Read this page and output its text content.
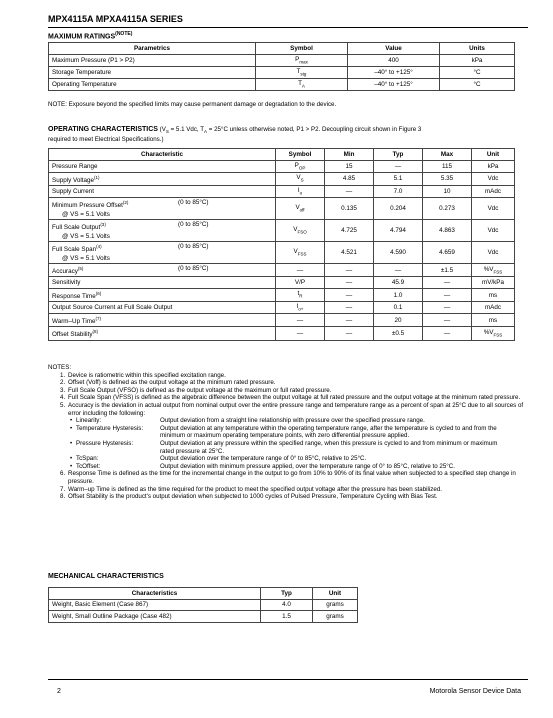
MPX4115A MPXA4115A SERIES
MAXIMUM $RATINGS^{(NOTE)}$
Parametrics	Symbol	Value	Units
Maximum Pressure (P1 > P2)	$P_{max}$	400	kPa
Storage Temperature	$T_{stg}$	–40° to +125°	°C
Operating Temperature	$T_A$	–40° to +125°	°C
NOTE: Exposure beyond the specified limits may cause permanent damage or degradation to the device.
OPERATING CHARACTERISTICS ($V_S = 5.1$ Vdc, $T_A = 25^\circ C$ unless otherwise noted, P1 > P2. Decoupling circuit shown in Figure 3
required to meet Electrical Specifications.)
Characteristic	Symbol	Min	Typ	Max	Unit

Pressure Range	$P_{OP}$	15	—	115	kPa

Supply Voltage$^{(1)}$	$V_S$	4.85	5.1	5.35	Vdc

Supply Current	$I_o$	—	7.0	10	mAdc

Minimum Pressure Offset$^{(2)}$ (0 to 85°C)
@ VS = 5.1 Volts	$V_{off}$	0.135	0.204	0.273	Vdc

Full Scale Output$^{(3)}$ (0 to 85°C)
@ VS = 5.1 Volts	$V_{FSO}$	4.725	4.794	4.863	Vdc

Full Scale Span$^{(4)}$ (0 to 85°C)
@ VS = 5.1 Volts	$V_{FSS}$	4.521	4.590	4.659	Vdc

Accuracy$^{(5)}$ (0 to 85°C)	—	—	—	±1.5	$\%V_{FSS}$

Sensitivity	V/P	—	45.9	—	mV/kPa

Response Time$^{(6)}$	$t_R$	—	1.0	—	ms

Output Source Current at Full Scale Output	$I_{o+}$	—	0.1	—	mAdc

Warm–Up Time$^{(7)}$	—	—	20	—	ms

Offset Stability$^{(8)}$	—	—	±0.5	—	$\%V_{FSS}$
NOTES:
1. Device is ratiometric within this specified excitation range.
2. Offset (Voff) is defined as the output voltage at the minimum rated pressure.
3. Full Scale Output (VFSO) is defined as the output voltage at the maximum or full rated pressure.
4. Full Scale Span (VFSS) is defined as the algebraic difference between the output voltage at full rated pressure and the output voltage at the minimum rated pressure.
5. Accuracy is the deviation in actual output from nominal output over the entire pressure range and temperature range as a percent of span at 25°C due to all sources of error including the following:
• Linearity:	Output deviation from a straight line relationship with pressure over the specified pressure range.
• Temperature Hysteresis:	Output deviation at any temperature within the operating temperature range, after the temperature is cycled to and from the minimum or maximum operating temperature points, with zero differential pressure applied.
• Pressure Hysteresis:	Output deviation at any pressure within the specified range, when this pressure is cycled to and from minimum or maximum rated pressure at 25°C.
• TcSpan:	Output deviation over the temperature range of 0° to 85°C, relative to 25°C.
• TcOffset:	Output deviation with minimum pressure applied, over the temperature range of 0° to 85°C, relative to 25°C.
6. Response Time is defined as the time for the incremental change in the output to go from 10% to 90% of its final value when subjected to a specified step change in pressure.
7. Warm–up Time is defined as the time required for the product to meet the specified output voltage after the pressure has been stabilized.
8. Offset Stability is the product's output deviation when subjected to 1000 cycles of Pulsed Pressure, Temperature Cycling with Bias Test.
MECHANICAL CHARACTERISTICS
Characteristics	Typ	Unit
Weight, Basic Element (Case 867)	4.0	grams
Weight, Small Outline Package (Case 482)	1.5	grams
2	Motorola Sensor Device Data
